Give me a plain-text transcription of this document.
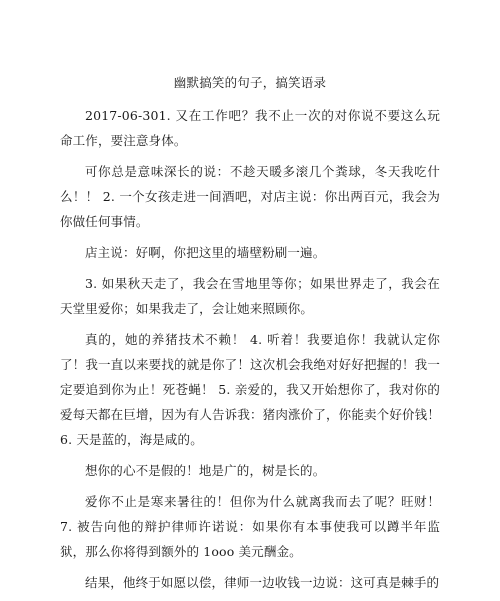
幽默搞笑的句子，搞笑语录

2017-06-301. 又在工作吧？我不止一次的对你说不要这么玩命工作，要注意身体。

可你总是意味深长的说：不趁天暖多滚几个粪球，冬天我吃什么！！ 2. 一个女孩走进一间酒吧，对店主说：你出两百元，我会为你做任何事情。

店主说：好啊，你把这里的墙壁粉刷一遍。

3. 如果秋天走了，我会在雪地里等你；如果世界走了，我会在天堂里爱你；如果我走了，会让她来照顾你。

真的，她的养猪技术不赖！ 4. 听着！我要追你！我就认定你了！我一直以来要找的就是你了！这次机会我绝对好好把握的！我一定要追到你为止！死苍蝇！ 5. 亲爱的，我又开始想你了，我对你的爱每天都在巨增，因为有人告诉我：猪肉涨价了，你能卖个好价钱！ 6. 天是蓝的，海是咸的。

想你的心不是假的！地是广的，树是长的。

爱你不止是寒来暑往的！但你为什么就离我而去了呢？旺财！ 7. 被告向他的辩护律师许诺说：如果你有本事使我可以蹲半年监狱，那么你将得到额外的 1ooo 美元酬金。

结果，他终于如愿以偿，律师一边收钱一边说：这可真是棘手的
